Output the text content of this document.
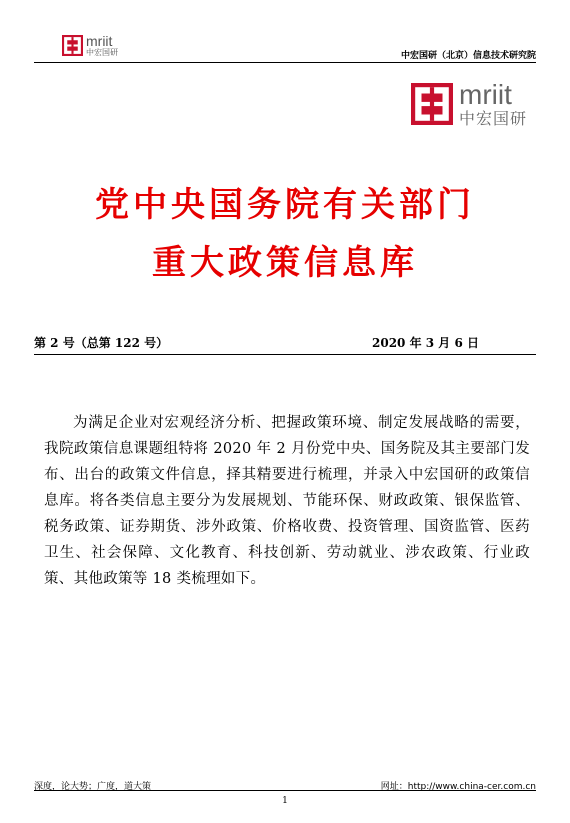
mriit
中宏国研	中宏国研（北京）信息技术研究院
mriit
中宏国研
党中央国务院有关部门
重大政策信息库
第 2 号（总第 122 号）	2020 年 3 月 6 日
为满足企业对宏观经济分析、把握政策环境、制定发展战略的需要，我院政策信息课题组特将 2020 年 2 月份党中央、国务院及其主要部门发布、出台的政策文件信息，择其精要进行梳理，并录入中宏国研的政策信息库。将各类信息主要分为发展规划、节能环保、财政政策、银保监管、税务政策、证券期货、涉外政策、价格收费、投资管理、国资监管、医药卫生、社会保障、文化教育、科技创新、劳动就业、涉农政策、行业政策、其他政策等 18 类梳理如下。
深度，论大势；广度，道大策	网址：http://www.china-cer.com.cn
1
